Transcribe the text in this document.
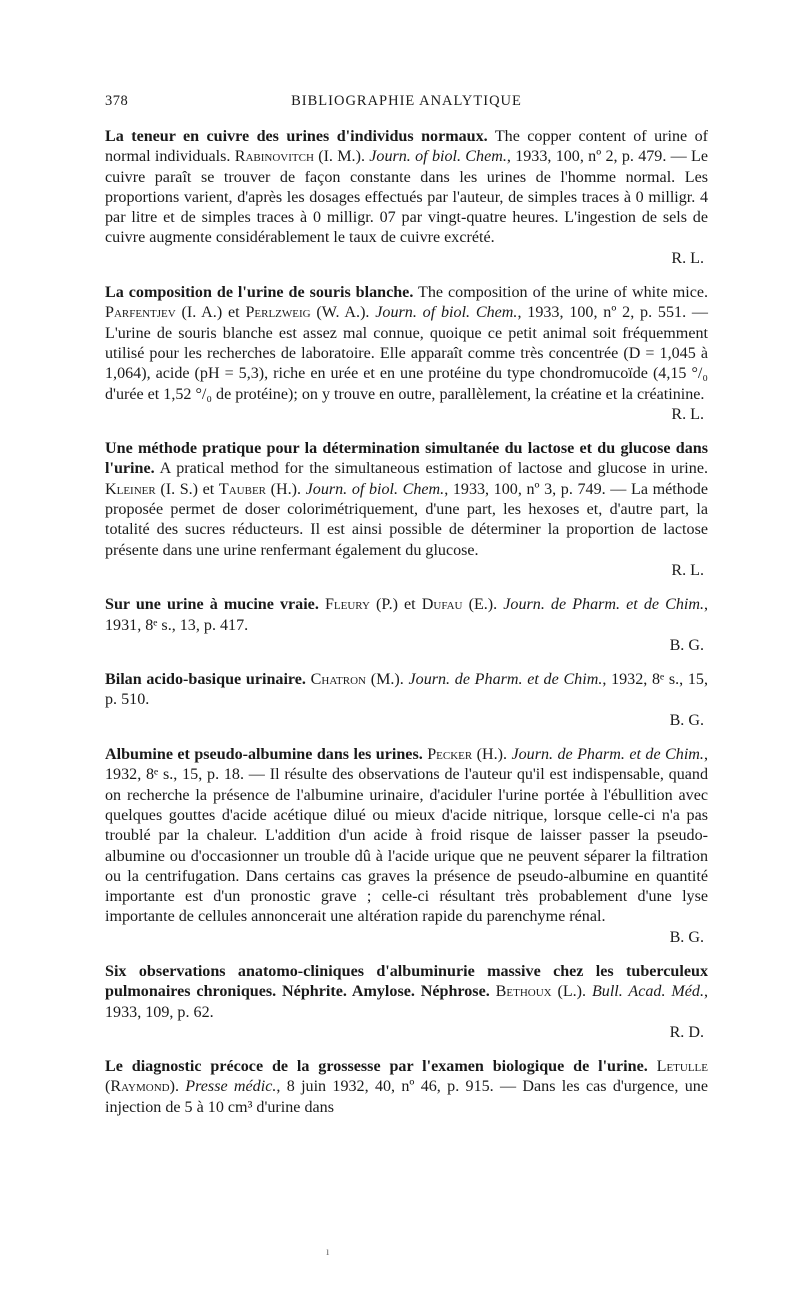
378	BIBLIOGRAPHIE ANALYTIQUE

La teneur en cuivre des urines d'individus normaux. The copper content of urine of normal individuals. Rabinovitch (I. M.). Journ. of biol. Chem., 1933, 100, nº 2, p. 479. — Le cuivre paraît se trouver de façon constante dans les urines de l'homme normal. Les proportions varient, d'après les dosages effectués par l'auteur, de simples traces à 0 milligr. 4 par litre et de simples traces à 0 milligr. 07 par vingt-quatre heures. L'ingestion de sels de cuivre augmente considérablement le taux de cuivre excrété.

R. L.

La composition de l'urine de souris blanche. The composition of the urine of white mice. Parfentjev (I. A.) et Perlzweig (W. A.). Journ. of biol. Chem., 1933, 100, nº 2, p. 551. — L'urine de souris blanche est assez mal connue, quoique ce petit animal soit fréquemment utilisé pour les recherches de laboratoire. Elle apparaît comme très concentrée (D = 1,045 à 1,064), acide (pH = 5,3), riche en urée et en une protéine du type chondromucoïde (4,15 °/₀ d'urée et 1,52 °/₀ de protéine); on y trouve en outre, parallèlement, la créatine et la créatinine.

R. L.

Une méthode pratique pour la détermination simultanée du lactose et du glucose dans l'urine. A pratical method for the simultaneous estimation of lactose and glucose in urine. Kleiner (I. S.) et Tauber (H.). Journ. of biol. Chem., 1933, 100, nº 3, p. 749. — La méthode proposée permet de doser colorimétriquement, d'une part, les hexoses et, d'autre part, la totalité des sucres réducteurs. Il est ainsi possible de déterminer la proportion de lactose présente dans une urine renfermant également du glucose.

R. L.

Sur une urine à mucine vraie. Fleury (P.) et Dufau (E.). Journ. de Pharm. et de Chim., 1931, 8ᵉ s., 13, p. 417.

B. G.

Bilan acido-basique urinaire. Chatron (M.). Journ. de Pharm. et de Chim., 1932, 8ᵉ s., 15, p. 510.

B. G.

Albumine et pseudo-albumine dans les urines. Pecker (H.). Journ. de Pharm. et de Chim., 1932, 8ᵉ s., 15, p. 18. — Il résulte des observations de l'auteur qu'il est indispensable, quand on recherche la présence de l'albumine urinaire, d'aciduler l'urine portée à l'ébullition avec quelques gouttes d'acide acétique dilué ou mieux d'acide nitrique, lorsque celle-ci n'a pas troublé par la chaleur. L'addition d'un acide à froid risque de laisser passer la pseudo-albumine ou d'occasionner un trouble dû à l'acide urique que ne peuvent séparer la filtration ou la centrifugation. Dans certains cas graves la présence de pseudo-albumine en quantité importante est d'un pronostic grave ; celle-ci résultant très probablement d'une lyse importante de cellules annoncerait une altération rapide du parenchyme rénal.

B. G.

Six observations anatomo-cliniques d'albuminurie massive chez les tuberculeux pulmonaires chroniques. Néphrite. Amylose. Néphrose. Bethoux (L.). Bull. Acad. Méd., 1933, 109, p. 62.

R. D.

Le diagnostic précoce de la grossesse par l'examen biologique de l'urine. Letulle (Raymond). Presse médic., 8 juin 1932, 40, nº 46, p. 915. — Dans les cas d'urgence, une injection de 5 à 10 cm³ d'urine dans

ı
